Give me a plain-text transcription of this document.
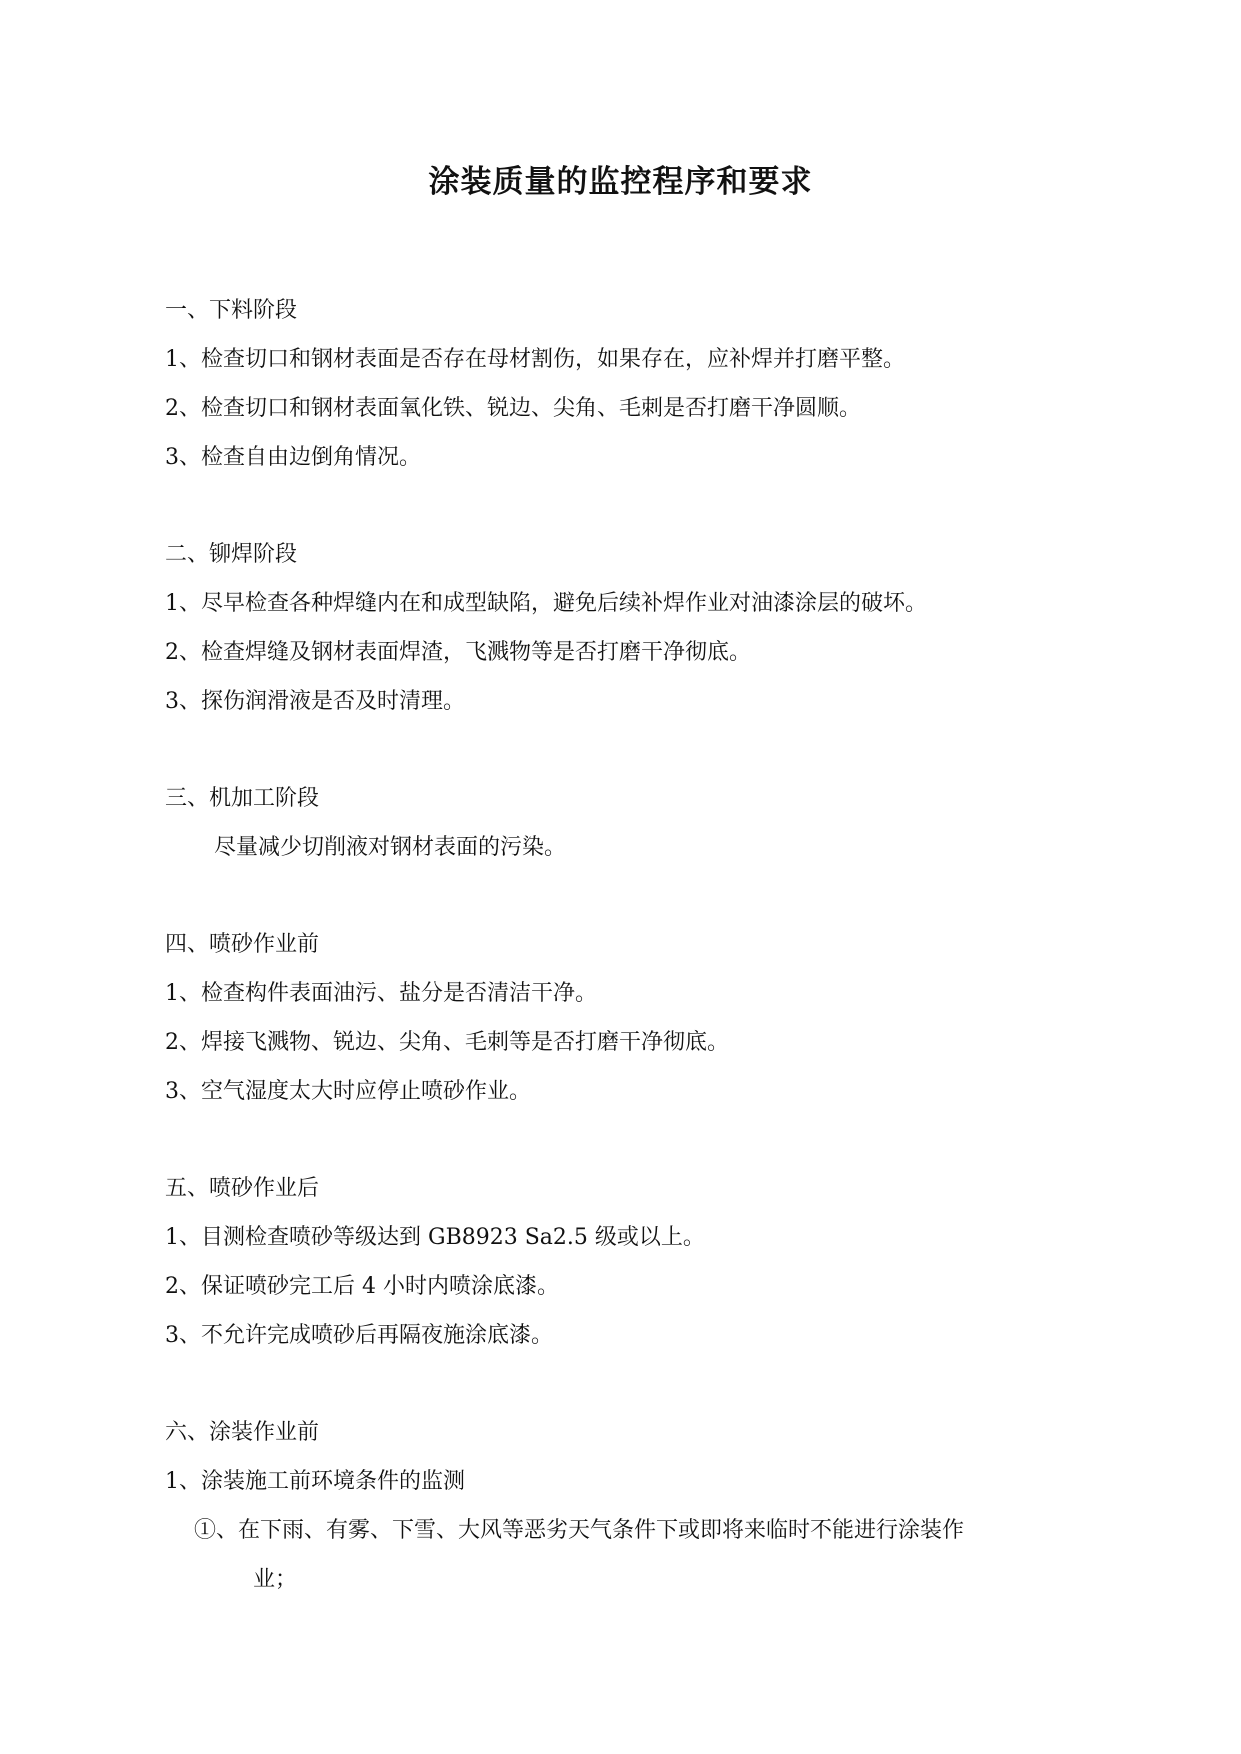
涂装质量的监控程序和要求
一、下料阶段
1、检查切口和钢材表面是否存在母材割伤，如果存在，应补焊并打磨平整。
2、检查切口和钢材表面氧化铁、锐边、尖角、毛刺是否打磨干净圆顺。
3、检查自由边倒角情况。
二、铆焊阶段
1、尽早检查各种焊缝内在和成型缺陷，避免后续补焊作业对油漆涂层的破坏。
2、检查焊缝及钢材表面焊渣，飞溅物等是否打磨干净彻底。
3、探伤润滑液是否及时清理。
三、机加工阶段
尽量减少切削液对钢材表面的污染。
四、喷砂作业前
1、检查构件表面油污、盐分是否清洁干净。
2、焊接飞溅物、锐边、尖角、毛刺等是否打磨干净彻底。
3、空气湿度太大时应停止喷砂作业。
五、喷砂作业后
1、目测检查喷砂等级达到 GB8923 Sa2.5 级或以上。
2、保证喷砂完工后 4 小时内喷涂底漆。
3、不允许完成喷砂后再隔夜施涂底漆。
六、涂装作业前
1、涂装施工前环境条件的监测
①、在下雨、有雾、下雪、大风等恶劣天气条件下或即将来临时不能进行涂装作
业；
